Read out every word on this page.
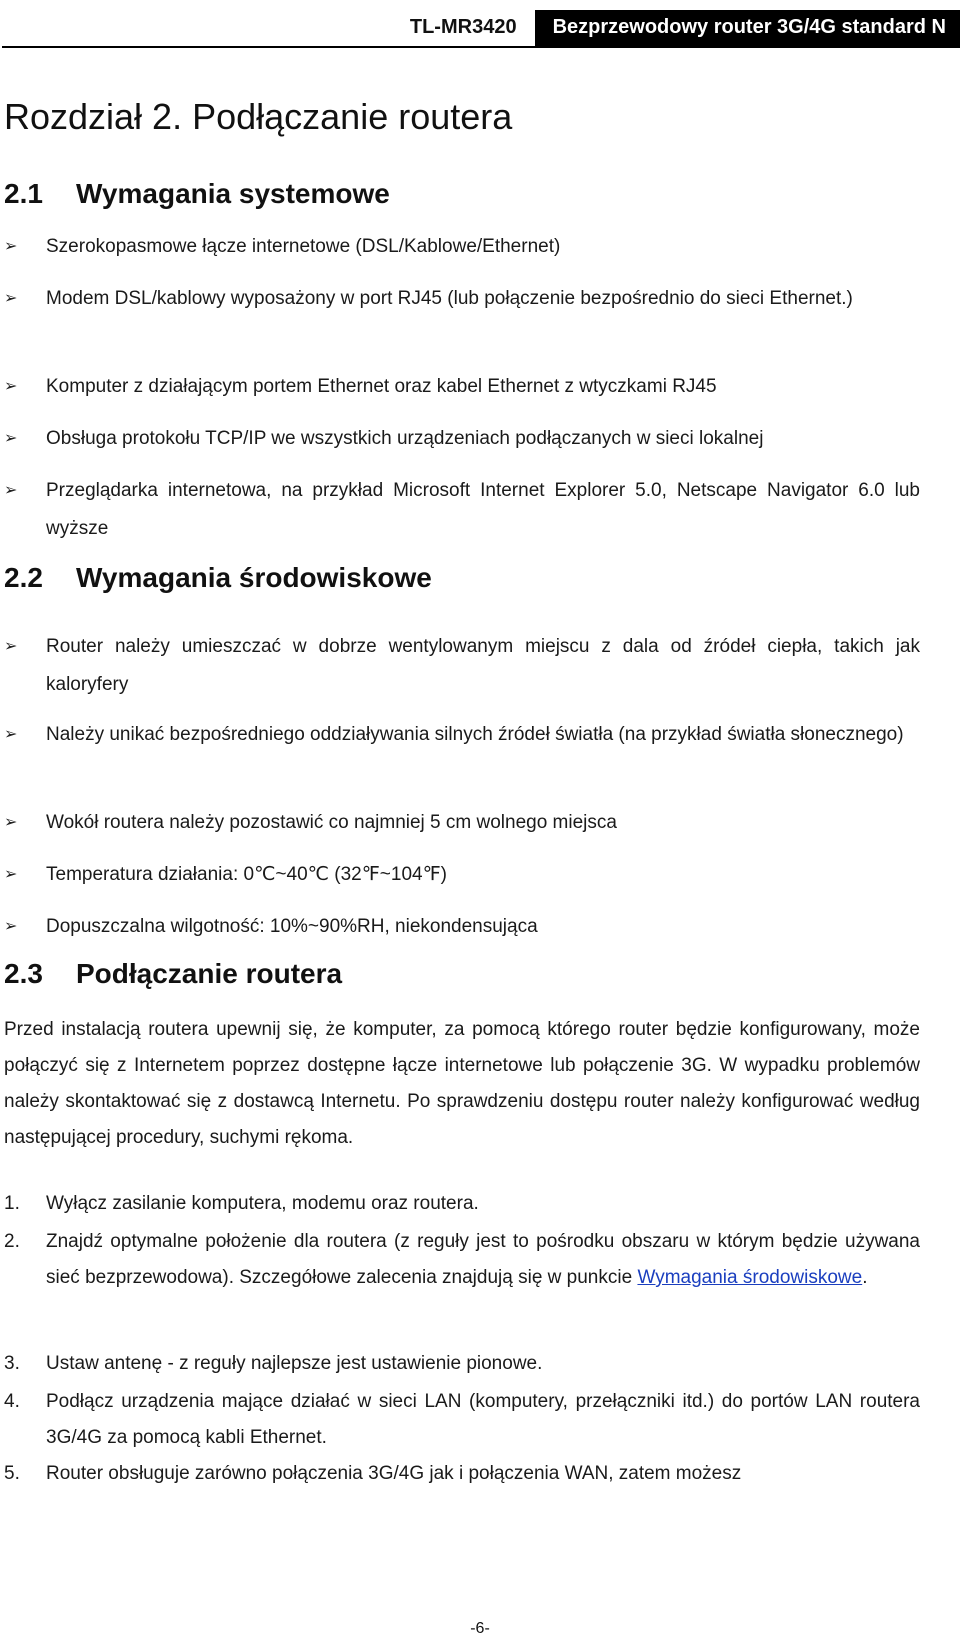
TL-MR3420	Bezprzewodowy router 3G/4G standard N
Rozdział 2. Podłączanie routera
2.1 Wymagania systemowe
➢ Szerokopasmowe łącze internetowe (DSL/Kablowe/Ethernet)
➢ Modem DSL/kablowy wyposażony w port RJ45 (lub połączenie bezpośrednio do sieci Ethernet.)
➢ Komputer z działającym portem Ethernet oraz kabel Ethernet z wtyczkami RJ45
➢ Obsługa protokołu TCP/IP we wszystkich urządzeniach podłączanych w sieci lokalnej
➢ Przeglądarka internetowa, na przykład Microsoft Internet Explorer 5.0, Netscape Navigator 6.0 lub wyższe
2.2 Wymagania środowiskowe
➢ Router należy umieszczać w dobrze wentylowanym miejscu z dala od źródeł ciepła, takich jak kaloryfery
➢ Należy unikać bezpośredniego oddziaływania silnych źródeł światła (na przykład światła słonecznego)
➢ Wokół routera należy pozostawić co najmniej 5 cm wolnego miejsca
➢ Temperatura działania: 0℃~40℃ (32℉~104℉)
➢ Dopuszczalna wilgotność: 10%~90%RH, niekondensująca
2.3 Podłączanie routera
Przed instalacją routera upewnij się, że komputer, za pomocą którego router będzie konfigurowany, może połączyć się z Internetem poprzez dostępne łącze internetowe lub połączenie 3G. W wypadku problemów należy skontaktować się z dostawcą Internetu. Po sprawdzeniu dostępu router należy konfigurować według następującej procedury, suchymi rękoma.
1. Wyłącz zasilanie komputera, modemu oraz routera.
2. Znajdź optymalne położenie dla routera (z reguły jest to pośrodku obszaru w którym będzie używana sieć bezprzewodowa). Szczegółowe zalecenia znajdują się w punkcie Wymagania środowiskowe.
3. Ustaw antenę - z reguły najlepsze jest ustawienie pionowe.
4. Podłącz urządzenia mające działać w sieci LAN (komputery, przełączniki itd.) do portów LAN routera 3G/4G za pomocą kabli Ethernet.
5. Router obsługuje zarówno połączenia 3G/4G jak i połączenia WAN, zatem możesz
-6-
